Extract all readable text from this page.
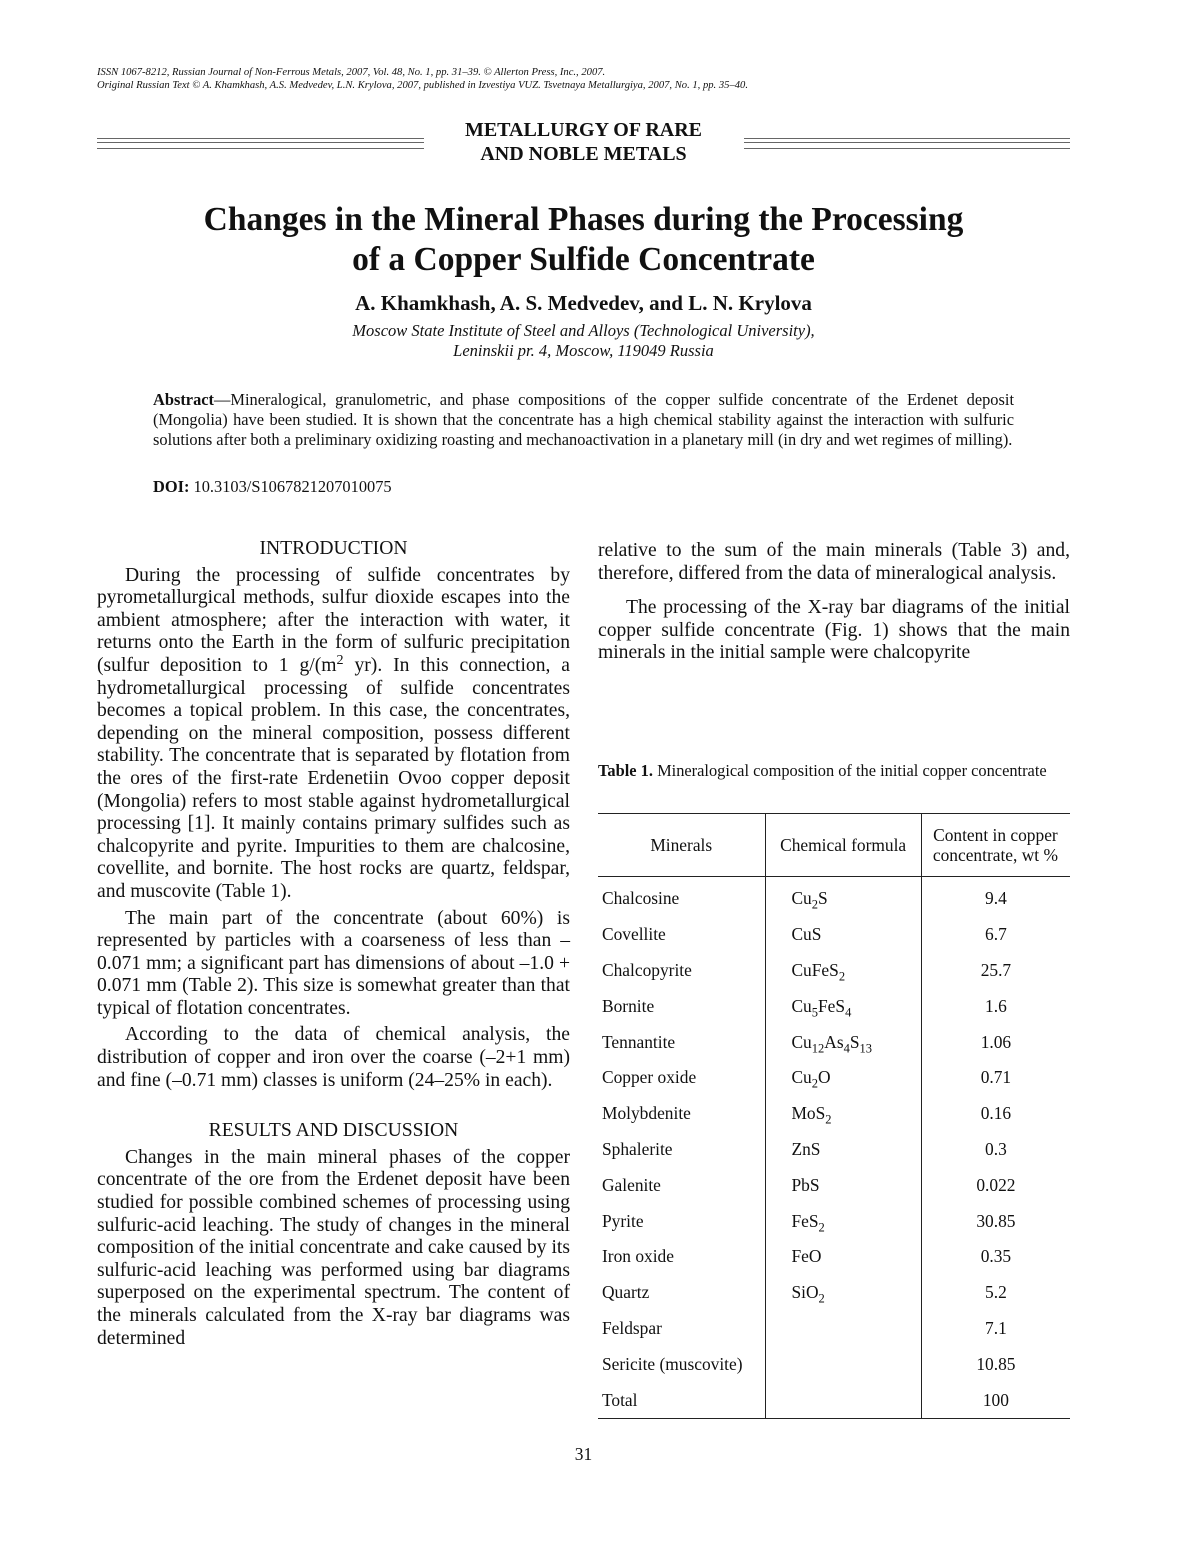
ISSN 1067-8212, Russian Journal of Non-Ferrous Metals, 2007, Vol. 48, No. 1, pp. 31–39. © Allerton Press, Inc., 2007.
Original Russian Text © A. Khamkhash, A.S. Medvedev, L.N. Krylova, 2007, published in Izvestiya VUZ. Tsvetnaya Metallurgiya, 2007, No. 1, pp. 35–40.
METALLURGY OF RARE
AND NOBLE METALS
Changes in the Mineral Phases during the Processing
of a Copper Sulfide Concentrate
A. Khamkhash, A. S. Medvedev, and L. N. Krylova
Moscow State Institute of Steel and Alloys (Technological University),
Leninskii pr. 4, Moscow, 119049 Russia
Abstract—Mineralogical, granulometric, and phase compositions of the copper sulfide concentrate of the Erdenet deposit (Mongolia) have been studied. It is shown that the concentrate has a high chemical stability against the interaction with sulfuric solutions after both a preliminary oxidizing roasting and mechanoactivation in a planetary mill (in dry and wet regimes of milling).
DOI: 10.3103/S1067821207010075
INTRODUCTION

During the processing of sulfide concentrates by pyrometallurgical methods, sulfur dioxide escapes into the ambient atmosphere; after the interaction with water, it returns onto the Earth in the form of sulfuric precipitation (sulfur deposition to 1 $g/(m^2$ yr). In this connection, a hydrometallurgical processing of sulfide concentrates becomes a topical problem. In this case, the concentrates, depending on the mineral composition, possess different stability. The concentrate that is separated by flotation from the ores of the first-rate Erdenetiin Ovoo copper deposit (Mongolia) refers to most stable against hydrometallurgical processing [1]. It mainly contains primary sulfides such as chalcopyrite and pyrite. Impurities to them are chalcosine, covellite, and bornite. The host rocks are quartz, feldspar, and muscovite (Table 1).

The main part of the concentrate (about 60%) is represented by particles with a coarseness of less than –0.071 mm; a significant part has dimensions of about –1.0 + 0.071 mm (Table 2). This size is somewhat greater than that typical of flotation concentrates.

According to the data of chemical analysis, the distribution of copper and iron over the coarse (–2+1 mm) and fine (–0.71 mm) classes is uniform (24–25% in each).

RESULTS AND DISCUSSION

Changes in the main mineral phases of the copper concentrate of the ore from the Erdenet deposit have been studied for possible combined schemes of processing using sulfuric-acid leaching. The study of changes in the mineral composition of the initial concentrate and cake caused by its sulfuric-acid leaching was performed using bar diagrams superposed on the experimental spectrum. The content of the minerals calculated from the X-ray bar diagrams was determined

relative to the sum of the main minerals (Table 3) and, therefore, differed from the data of mineralogical analysis.

The processing of the X-ray bar diagrams of the initial copper sulfide concentrate (Fig. 1) shows that the main minerals in the initial sample were chalcopyrite

Table 1. Mineralogical composition of the initial copper concentrate
Minerals	Chemical formula	Content in copper concentrate, wt %
Chalcosine	$Cu_2S$	9.4
Covellite	CuS	6.7
Chalcopyrite	CuFeS$_2$	25.7
Bornite	$Cu_5FeS_4$	1.6
Tennantite	$Cu_{12}As_4S_{13}$	1.06
Copper oxide	$Cu_2O$	0.71
Molybdenite	MoS$_2$	0.16
Sphalerite	ZnS	0.3
Galenite	PbS	0.022
Pyrite	FeS$_2$	30.85
Iron oxide	FeO	0.35
Quartz	SiO$_2$	5.2
Feldspar		7.1
Sericite (muscovite)		10.85
Total		100
31
